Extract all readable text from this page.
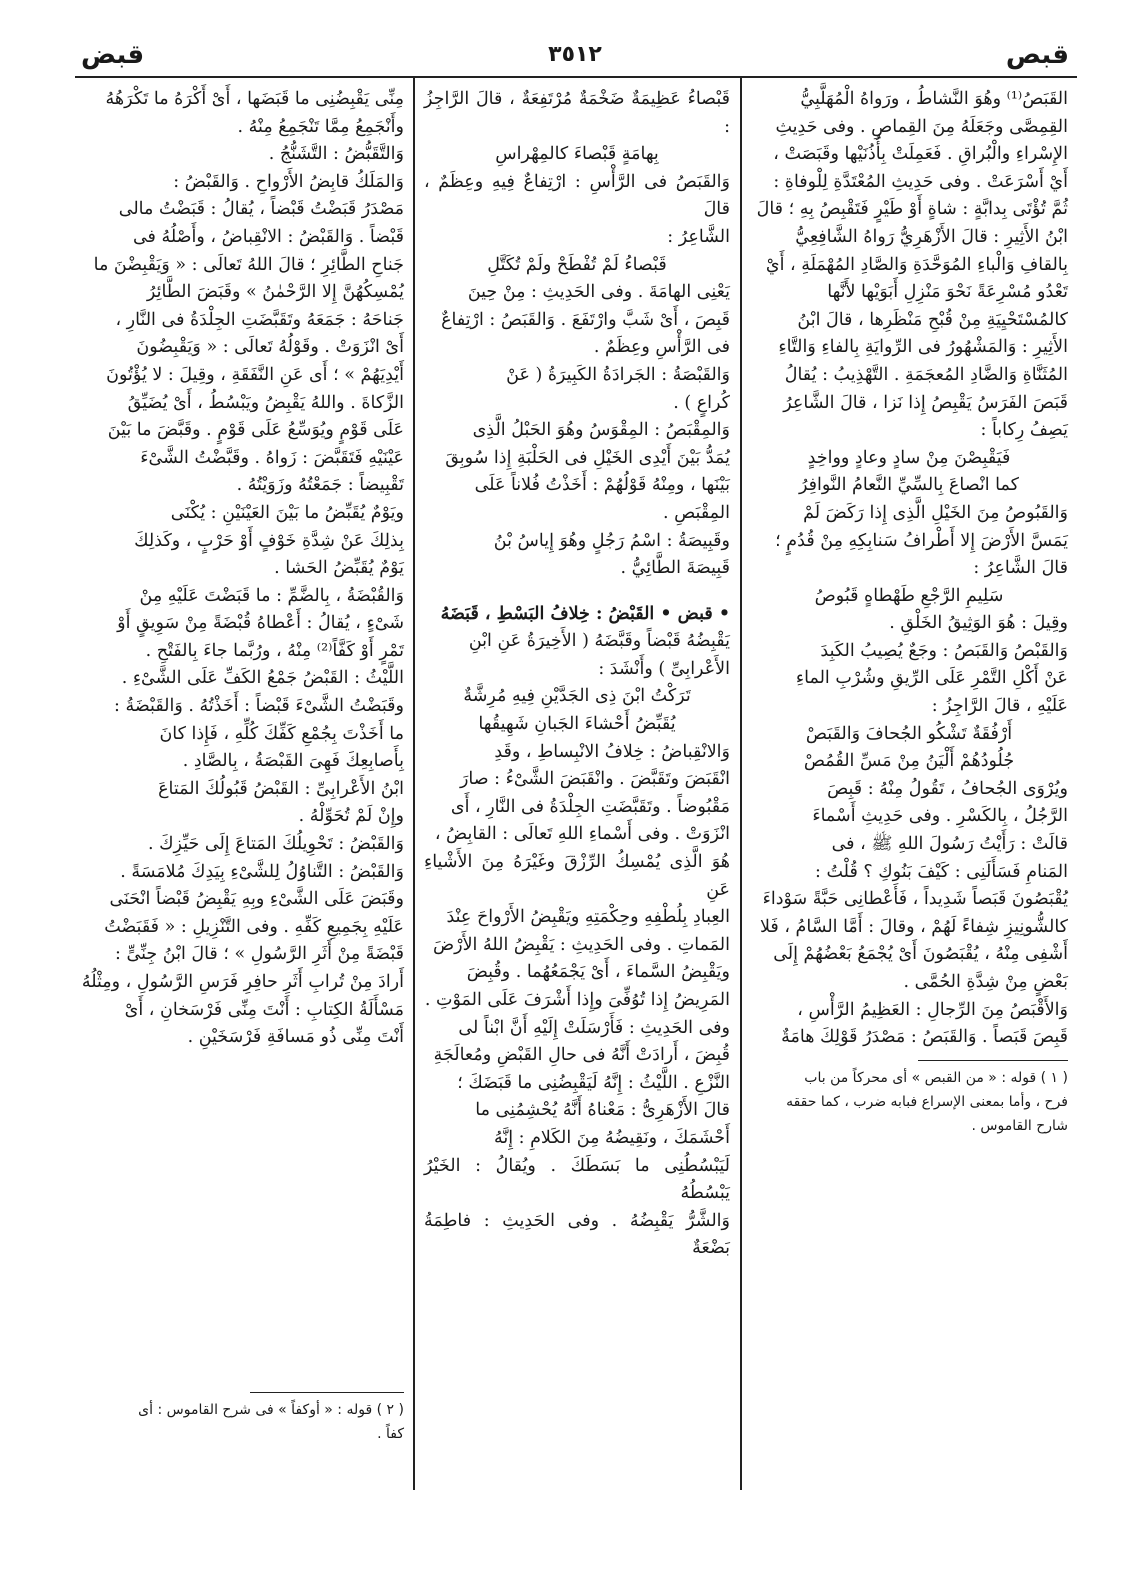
قبص
٣٥١٢
قبض

القَبَصُ⁽¹⁾ وهُوَ النَّشاطُ ، ورَواهُ الْمُهَلَّبِيُّ

القِمِصَّى وجَعَلَهُ مِنَ القِماصِ . وفى حَدِيثِ

الإِسْراءِ والْبُراقِ . فَعَمِلَتْ بِأُذُنَيْها وقَبَصَتْ ،

أَيْ أَسْرَعَتْ . وفى حَدِيثِ المُعْتَدَّةِ لِلْوفاةِ :

ثُمَّ تُؤْتَى بِدابَّةٍ : شاةٍ أَوْ طَيْرٍ فَتَقْبِصُ بِهِ ؛ قالَ

ابْنُ الأَثِيرِ : قالَ الأَزْهَرِيُّ رَواهُ الشَّافِعِيُّ

بِالقافِ وَالْباءِ المُوَحَّدَةِ وَالصَّادِ المُهْمَلَةِ ، أَيْ

تَعْدُو مُسْرِعَةً نَحْوَ مَنْزِلِ أَبَوَيْها لأَنَّها

كالمُسْتَحْيِيَةِ مِنْ قُبْحِ مَنْظَرِها ، قالَ ابْنُ

الأَثِيرِ : وَالمَشْهُورُ فى الرِّوايَةِ بِالفاءِ وَالتَّاءِ

المُثَنَّاةِ وَالضَّادِ المُعجَمَةِ . التَّهْذِيبُ : يُقالُ

قَبَصَ الفَرَسُ يَقْبِصُ إِذا نَزا ، قالَ الشَّاعِرُ

يَصِفُ رِكاباً :

فَيَقْبِصْنَ مِنْ سادٍ وعادٍ وواخِدٍ

كما انْصاعَ بِالسِّيِّ النَّعامُ النَّوافِرُ

وَالقَبُوصُ مِنَ الخَيْلِ الَّذِى إِذا رَكَضَ لَمْ

يَمَسَّ الأَرْضَ إِلا أَطْرافُ سَنابِكِهِ مِنْ قُدُمٍ ؛

قالَ الشَّاعِرُ :

سَلِيمِ الرَّجْعِ طَهْطاهٍ قَبُوصُ

وقِيلَ : هُوَ الوَثِيقُ الخَلْقِ .

وَالقَبْصُ وَالقَبَصُ : وجَعٌ يُصِيبُ الكَبِدَ

عَنْ أَكْلِ التَّمْرِ عَلَى الرِّيقِ وشُرْبِ الماءِ

عَلَيْهِ ، قالَ الرَّاجِزُ :

أَرْفُقَةٌ تَشْكُو الجُحافَ وَالقَبَصْ

جُلُودُهُمْ أَلْيَنُ مِنْ مَسِّ القُمُصْ

ويُرْوَى الجُحافُ ، تَقُولُ مِنْهُ : قَبِصَ

الرَّجُلُ ، بِالكَسْرِ . وفى حَدِيثِ أَسْماءَ

قالَتْ : رَأَيْتُ رَسُولَ اللهِ ﷺ ، فى

المَنامِ فَسَأَلَنِى : كَيْفَ بَنُوكِ ؟ قُلْتُ :

يُقْبَصُونَ قَبَصاً شَدِيداً ، فَأَعْطانِى حَبَّةً سَوْداءَ

كالشُّونِيزِ شِفاءً لَهُمْ ، وقالَ : أَمَّا السَّامُ ، فَلا

أَشْفِى مِنْهُ ، يُقْبَصُونَ أَىْ يُجْمَعُ بَعْضُهُمْ إِلَى

بَعْضٍ مِنْ شِدَّةِ الحُمَّى .

وَالأَقْبَصُ مِنَ الرِّجالِ : العَظِيمُ الرَّأْسِ ،

قَبِصَ قَبَصاً . وَالقَبَصُ : مَصْدَرُ قَوْلِكَ هامَةٌ

قَبْصاءُ عَظِيمَةٌ ضَخْمَةٌ مُرْتَفِعَةٌ ، قالَ الرَّاجِزُ :

بِهامَةٍ قَبْصاءَ كالمِهْراسِ

وَالقَبَصُ فى الرَّأْسِ : ارْتِفاعٌ فِيهِ وعِظَمٌ ، قالَ

الشَّاعِرُ :

قَبْصاءُ لَمْ تُفْطَحْ ولَمْ تُكَتَّلِ

يَعْنِى الهامَةَ . وفى الحَدِيثِ : مِنْ حِينَ

قَبِصَ ، أَىْ شَبَّ وارْتَفَعَ . وَالقَبَصُ : ارْتِفاعٌ

فى الرَّأْسِ وعِظَمٌ .

وَالقَبْصَةُ : الجَرادَةُ الكَبِيرَةُ ( عَنْ

كُراعٍ ) .

وَالمِقْبَصُ : المِقْوَسُ وهُوَ الحَبْلُ الَّذِى

يُمَدُّ بَيْنَ أَيْدِى الخَيْلِ فى الحَلْبَةِ إِذا سُوبِقَ

بَيْنَها ، ومِنْهُ قَوْلُهُمْ : أَخَذْتُ فُلاناً عَلَى

المِقْبَصِ .

وقَبِيصَةُ : اسْمُ رَجُلٍ وهُوَ إِياسُ بْنُ

قَبِيصَةَ الطَّائِيُّ .

• قبض • القَبْضُ : خِلافُ البَسْطِ ، قَبَضَهُ

يَقْبِضُهُ قَبْضاً وقَبَّضَهُ ( الأَخِيرَةُ عَنِ ابْنِ

الأَعْرابِىِّ ) وأَنْشَدَ :

تَرَكْتُ ابْنَ ذِى الجَدَّيْنِ فِيهِ مُرِشَّةٌ

يُقَبِّضُ أَحْشاءَ الجَبانِ شَهِيقُها

وَالانْقِباضُ : خِلافُ الانْبِساطِ ، وقَدِ

انْقَبَضَ وتَقَبَّضَ . وانْقَبَضَ الشَّىْءُ : صارَ

مَقْبُوضاً . وتَقَبَّضَتِ الجِلْدَةُ فى النَّارِ ، أَى

انْزَوَتْ . وفى أَسْماءِ اللهِ تَعالَى : القابِضُ ،

هُوَ الَّذِى يُمْسِكُ الرِّزْقَ وغَيْرَهُ مِنَ الأَشْياءِ عَنِ

العِبادِ بِلُطْفِهِ وحِكْمَتِهِ ويَقْبِضُ الأَرْواحَ عِنْدَ

المَماتِ . وفى الحَدِيثِ : يَقْبِضُ اللهُ الأَرْضَ

ويَقْبِضُ السَّماءَ ، أَىْ يَجْمَعُهُما . وقُبِضَ

المَرِيضُ إِذا تُوُفِّىَ وإِذا أَشْرَفَ عَلَى المَوْتِ .

وفى الحَدِيثِ : فَأَرْسَلَتْ إِلَيْهِ أَنَّ ابْناً لى

قُبِضَ ، أَرادَتْ أَنَّهُ فى حالِ القَبْضِ ومُعالَجَةِ

النَّزْعِ . اللَّيْثُ : إِنَّهُ لَيَقْبِضُنِى ما قَبَضَكَ ؛

قالَ الأَزْهَرِىُّ : مَعْناهُ أَنَّهُ يُحْشِمُنِى ما

أَحْشَمَكَ ، ونَقِيضُهُ مِنَ الكَلامِ : إِنَّهُ

لَيَبْسُطُنِى ما بَسَطَكَ . ويُقالُ : الخَيْرُ يَبْسُطُهُ

وَالشَّرُّ يَقْبِضُهُ . وفى الحَدِيثِ : فاطِمَةُ بَضْعَةٌ

مِنِّى يَقْبِضُنِى ما قَبَضَها ، أَىْ أَكْرَهُ ما تَكْرَهُهُ

وأَنْجَمِعُ مِمَّا تَنْجَمِعُ مِنْهُ .

وَالتَّقَبُّضُ : التَّشَنُّجُ .

وَالمَلَكُ قابِضُ الأَرْواحِ . وَالقَبْضُ :

مَصْدَرُ قَبَضْتُ قَبْضاً ، يُقالُ : قَبَضْتُ مالى

قَبْضاً . وَالقَبْضُ : الانْقِباضُ ، وأَصْلُهُ فى

جَناحِ الطَّائِرِ ؛ قالَ اللهُ تَعالَى : « وَيَقْبِضْنَ ما

يُمْسِكُهُنَّ إِلا الرَّحْمٰنُ » وقَبَضَ الطَّائِرُ

جَناحَهُ : جَمَعَهُ وتَقَبَّضَتِ الجِلْدَةُ فى النَّارِ ،

أَىْ انْزَوَتْ . وقَوْلُهُ تَعالَى : « وَيَقْبِضُونَ

أَيْدِيَهُمْ » ؛ أَى عَنِ النَّفَقَةِ ، وقِيلَ : لا يُؤْتُونَ

الزَّكاةَ . واللهُ يَقْبِضُ ويَبْسُطُ ، أَىْ يُضَيِّقُ

عَلَى قَوْمٍ ويُوَسِّعُ عَلَى قَوْمٍ . وقَبَّضَ ما بَيْنَ

عَيْنَيْهِ فَتَقَبَّضَ : زَواهُ . وقَبَّضْتُ الشَّىْءَ

تَقْبِيضاً : جَمَعْتُهُ وزَوَيْتُهُ .

ويَوْمٌ يُقَبِّضُ ما بَيْنَ العَيْنَيْنِ : يُكْنَى

بِذلِكَ عَنْ شِدَّةِ خَوْفٍ أَوْ حَرْبٍ ، وكَذلِكَ

يَوْمٌ يُقَبِّضُ الحَشا .

وَالقُبْضَةُ ، بِالضَّمِّ : ما قَبَضْتَ عَلَيْهِ مِنْ

شَىْءٍ ، يُقالُ : أَعْطاهُ قُبْضَةً مِنْ سَوِيقٍ أَوْ

تَمْرٍ أَوْ كَفَّاً⁽²⁾ مِنْهُ ، ورُبَّما جاءَ بِالفَتْحِ .

اللَّيْثُ : القَبْضُ جَمْعُ الكَفِّ عَلَى الشَّىْءِ .

وقَبَضْتُ الشَّىْءَ قَبْضاً : أَخَذْتُهُ . وَالقَبْضَةُ :

ما أَخَذْتَ بِجُمْعِ كَفِّكَ كُلِّهِ ، فَإِذا كانَ

بِأَصابِعِكَ فَهِىَ القَبْصَةُ ، بِالصَّادِ .

ابْنُ الأَعْرابِىِّ : القَبْضُ قَبُولُكَ المَتاعَ

وإِنْ لَمْ تُحَوِّلْهُ .

وَالقَبْضُ : تَحْوِيلُكَ المَتاعَ إِلَى حَيِّزِكَ .

وَالقَبْضُ : التَّناوُلُ لِلشَّىْءِ بِيَدِكَ مُلامَسَةً .

وقَبَضَ عَلَى الشَّىْءِ وبِهِ يَقْبِضُ قَبْضاً انْحَنَى

عَلَيْهِ بِجَمِيعِ كَفِّهِ . وفى التَّنْزِيلِ : « فَقَبَضْتُ

قَبْضَةً مِنْ أَثَرِ الرَّسُولِ » ؛ قالَ ابْنُ جِنِّىٍّ :

أَرادَ مِنْ تُرابِ أَثَرِ حافِرِ فَرَسِ الرَّسُولِ ، ومِثْلُهُ

مَسْأَلَةُ الكِتابِ : أَنْتَ مِنِّى فَرْسَخانِ ، أَىْ

أَنْتَ مِنِّى ذُو مَسافَةِ فَرْسَخَيْنِ .

( ١ ) قوله : « من القبص » أى محركاً من باب

فرح ، وأما بمعنى الإسراع فبابه ضرب ، كما حققه

شارح القاموس .

( ٢ ) قوله : « أوكفاً » فى شرح القاموس : أى

كفاً .
